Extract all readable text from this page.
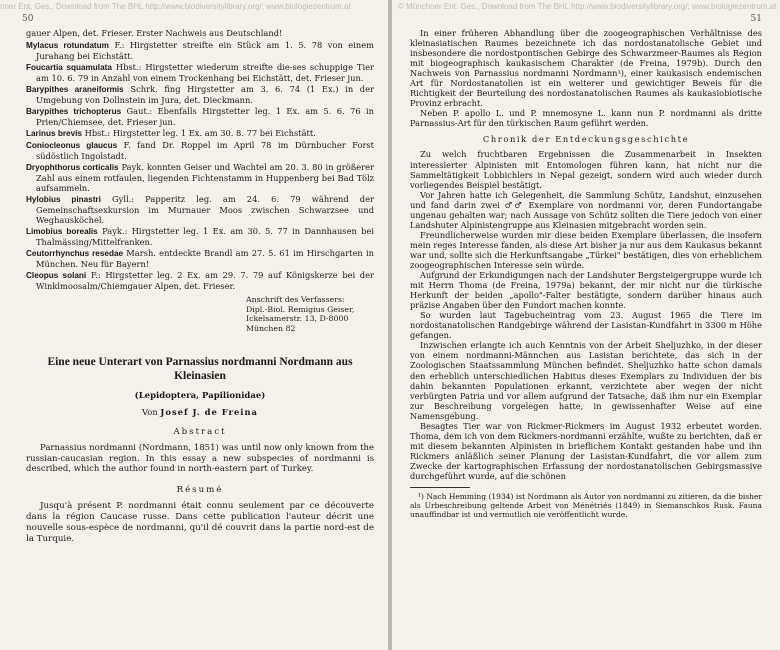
nner Ent. Ges., Download from The BHL http://www.biodiversitylibrary.org/; www.biologiezentrum.at
50

gauer Alpen, det. Frieser. Erster Nachweis aus Deutschland!

Mylacus rotundatum F.: Hirgstetter streifte ein Stück am 1. 5. 78 von einem Jurahang bei Eichstätt.

Foucartia squamulata Hbst.: Hirgstetter wiederum streifte die-ses schuppige Tier am 10. 6. 79 in Anzahl von einem Trockenhang bei Eichstätt, det. Frieser jun.

Barypithes araneiformis Schrk. fing Hirgstetter am 3. 6. 74 (1 Ex.) in der Umgebung von Dollnstein im Jura, det. Dieckmann.

Barypithes trichopterus Gaut.: Ebenfalls Hirgstetter leg. 1 Ex. am 5. 6. 76 in Prien/Chiemsee, det. Frieser jun.

Larinus brevis Hbst.: Hirgstetter leg. 1 Ex. am 30. 8. 77 bei Eichstätt.

Coniocleonus glaucus F. fand Dr. Roppel im April 78 im Dürnbucher Forst südöstlich Ingolstadt.

Dryophthorus corticalis Payk. konnten Geiser und Wachtel am 20. 3. 80 in größerer Zahl aus einem rotfaulen, liegenden Fichtenstamm in Huppenberg bei Bad Tölz aufsammeln.

Hylobius pinastri Gyll.: Papperitz leg. am 24. 6. 79 während der Gemeinschaftsexkursion im Murnauer Moos zwischen Schwarzsee und Weghausköchel.

Limobius borealis Payk.: Hirgstetter leg. 1 Ex. am 30. 5. 77 in Dannhausen bei Thalmässing/Mittelfranken.

Ceutorrhynchus resedae Marsh. entdeckte Brandl am 27. 5. 61 im Hirschgarten in München. Neu für Bayern!

Cleopus solani F.: Hirgstetter leg. 2 Ex. am 29. 7. 79 auf Königskerze bei der Winklmoosalm/Chiemgauer Alpen, det. Frieser.

Anschrift des Verfassers:
Dipl.-Biol. Remigius Geiser,
Ickelsamerstr. 13, D-8000 München 82
Eine neue Unterart von Parnassius nordmanni Nordmann aus Kleinasien
(Lepidoptera, Papilionidae)
Von Josef J. de Freina
Abstract

Parnassius nordmanni (Nordmann, 1851) was until now only known from the russian-caucasian region. In this essay a new subspecies of nordmanni is described, which the author found in north-eastern part of Turkey.

Résumé

Jusqu'à présent P. nordmanni était connu seulement par ce découverte dans la région Caucase russe. Dans cette publication l'auteur décrit une nouvelle sous-espèce de nordmanni, qu'il dé couvrit dans la partie nord-est de la Turquie.

© Münchner Ent. Ges., Download from The BHL http://www.biodiversitylibrary.org/; www.biologiezentrum.at
51

In einer früheren Abhandlung über die zoogeographischen Verhältnisse des kleinasiatischen Raumes bezeichnete ich das nordostanatolische Gebiet und insbesondere die nordostpontischen Gebirge des Schwarzmeer-Raumes als Region mit biogeographisch kaukasischem Charakter (de Freina, 1979b). Durch den Nachweis von Parnassius nordmanni Nordmann¹), einer kaukasisch endemischen Art für Nordostanatolien ist ein weiterer und gewichtiger Beweis für die Richtigkeit der Beurteilung des nordostanatolischen Raumes als kaukasiobiotische Provinz erbracht.

Neben P. apollo L. und P. mnemosyne L. kann nun P. nordmanni als dritte Parnassius-Art für den türkischen Raum geführt werden.

Chronik der Entdeckungsgeschichte

Zu welch fruchtbaren Ergebnissen die Zusammenarbeit in Insekten interessierter Alpinisten mit Entomologen führen kann, hat nicht nur die Sammeltätigkeit Lobbichlers in Nepal gezeigt, sondern wird auch wieder durch vorliegendes Beispiel bestätigt.

Vor Jahren hatte ich Gelegenheit, die Sammlung Schütz, Landshut, einzusehen und fand darin zwei ♂♂ Exemplare von nordmanni vor, deren Fundortangabe ungenau gehalten war; nach Aussage von Schütz sollten die Tiere jedoch von einer Landshuter Alpinistengruppe aus Kleinasien mitgebracht worden sein.

Freundlicherweise wurden mir diese beiden Exemplare überlassen, die insofern mein reges Interesse fanden, als diese Art bisher ja nur aus dem Kaukasus bekannt war und, sollte sich die Herkunftsangabe „Türkei" bestätigen, dies von erheblichem zoogeographischen Interesse sein würde.

Aufgrund der Erkundigungen nach der Landshuter Bergsteigergruppe wurde ich mit Herrn Thoma (de Freina, 1979a) bekannt, der mir nicht nur die türkische Herkunft der beiden „apollo"-Falter bestätigte, sondern darüber hinaus auch präzise Angaben über den Fundort machen konnte.

So wurden laut Tagebucheintrag vom 23. August 1965 die Tiere im nordostanatolischen Randgebirge während der Lasistan-Kundfahrt in 3300 m Höhe gefangen.

Inzwischen erlangte ich auch Kenntnis von der Arbeit Sheljuzhko, in der dieser von einem nordmanni-Männchen aus Lasistan berichtete, das sich in der Zoologischen Staatssammlung München befindet. Sheljuzhko hatte schon damals den erheblich unterschiedlichen Habitus dieses Exemplars zu Individuen der bis dahin bekannten Populationen erkannt, verzichtete aber wegen der nicht verbürgten Patria und vor allem aufgrund der Tatsache, daß ihm nur ein Exemplar zur Beschreibung vorgelegen hatte, in gewissenhafter Weise auf eine Namensgebung.

Besagtes Tier war von Rickmer-Rickmers im August 1932 erbeutet worden. Thoma, dem ich von dem Rickmers-nordmanni erzählte, wußte zu berichten, daß er mit diesem bekannten Alpinisten in brieflichem Kontakt gestanden habe und ihn Rickmers anläßlich seiner Planung der Lasistan-Kundfahrt, die vor allem zum Zwecke der kartographischen Erfassung der nordostanatolischen Gebirgsmassive durchgeführt wurde, auf die schönen

¹) Nach Hemming (1934) ist Nordmann als Autor von nordmanni zu zitieren, da die bisher als Urbeschreibung geltende Arbeit von Ménétriés (1849) in Siemanschkos Rusk. Fauna unauffindbar ist und vermutlich nie veröffentlicht wurde.
